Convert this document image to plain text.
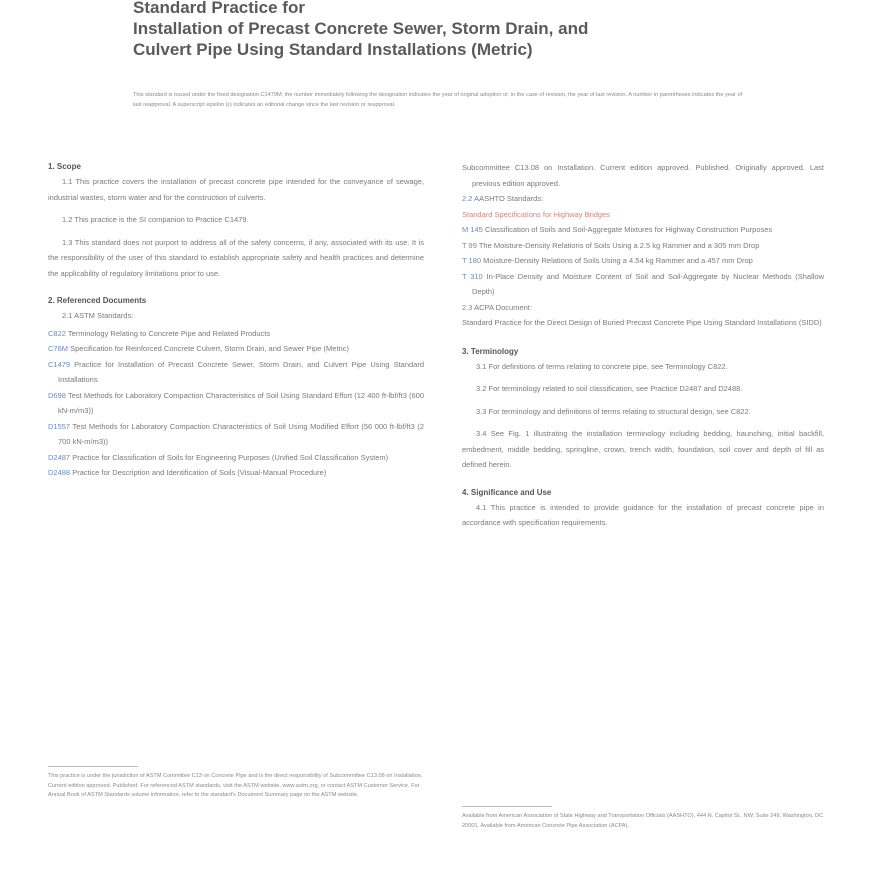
Standard Practice for
Installation of Precast Concrete Sewer, Storm Drain, and
Culvert Pipe Using Standard Installations (Metric)
This standard is issued under the fixed designation C1479M; the number immediately following the designation indicates the year of original adoption or, in the case of revision, the year of last revision. A number in parentheses indicates the year of last reapproval. A superscript epsilon (ε) indicates an editorial change since the last revision or reapproval.
1. Scope

1.1 This practice covers the installation of precast concrete pipe intended for the conveyance of sewage, industrial wastes, storm water and for the construction of culverts.

1.2 This practice is the SI companion to Practice C1479.

1.3 This standard does not purport to address all of the safety concerns, if any, associated with its use. It is the responsibility of the user of this standard to establish appropriate safety and health practices and determine the applicability of regulatory limitations prior to use.

2. Referenced Documents

2.1 ASTM Standards:

C822 Terminology Relating to Concrete Pipe and Related Products

C76M Specification for Reinforced Concrete Culvert, Storm Drain, and Sewer Pipe (Metric)

C1479 Practice for Installation of Precast Concrete Sewer, Storm Drain, and Culvert Pipe Using Standard Installations

D698 Test Methods for Laboratory Compaction Characteristics of Soil Using Standard Effort (12 400 ft-lbf/ft3 (600 kN-m/m3))

D1557 Test Methods for Laboratory Compaction Characteristics of Soil Using Modified Effort (56 000 ft-lbf/ft3 (2 700 kN-m/m3))

D2487 Practice for Classification of Soils for Engineering Purposes (Unified Soil Classification System)

D2488 Practice for Description and Identification of Soils (Visual-Manual Procedure)

Subcommittee C13.08 on Installation. Current edition approved. Published. Originally approved. Last previous edition approved.

2.2 AASHTO Standards:

Standard Specifications for Highway Bridges

M 145 Classification of Soils and Soil-Aggregate Mixtures for Highway Construction Purposes

T 99 The Moisture-Density Relations of Soils Using a 2.5 kg Rammer and a 305 mm Drop

T 180 Moisture-Density Relations of Soils Using a 4.54 kg Rammer and a 457 mm Drop

T 310 In-Place Density and Moisture Content of Soil and Soil-Aggregate by Nuclear Methods (Shallow Depth)

2.3 ACPA Document:

Standard Practice for the Direct Design of Buried Precast Concrete Pipe Using Standard Installations (SIDD)

3. Terminology

3.1 For definitions of terms relating to concrete pipe, see Terminology C822.

3.2 For terminology related to soil classification, see Practice D2487 and D2488.

3.3 For terminology and definitions of terms relating to structural design, see C822.

3.4 See Fig. 1 illustrating the installation terminology including bedding, haunching, initial backfill, embedment, middle bedding, springline, crown, trench width, foundation, soil cover and depth of fill as defined herein.

4. Significance and Use

4.1 This practice is intended to provide guidance for the installation of precast concrete pipe in accordance with specification requirements.

This practice is under the jurisdiction of ASTM Committee C13 on Concrete Pipe and is the direct responsibility of Subcommittee C13.08 on Installation. Current edition approved. Published. For referenced ASTM standards, visit the ASTM website, www.astm.org, or contact ASTM Customer Service. For Annual Book of ASTM Standards volume information, refer to the standard's Document Summary page on the ASTM website.
Available from American Association of State Highway and Transportation Officials (AASHTO), 444 N. Capitol St., NW, Suite 249, Washington, DC 20001. Available from American Concrete Pipe Association (ACPA).
